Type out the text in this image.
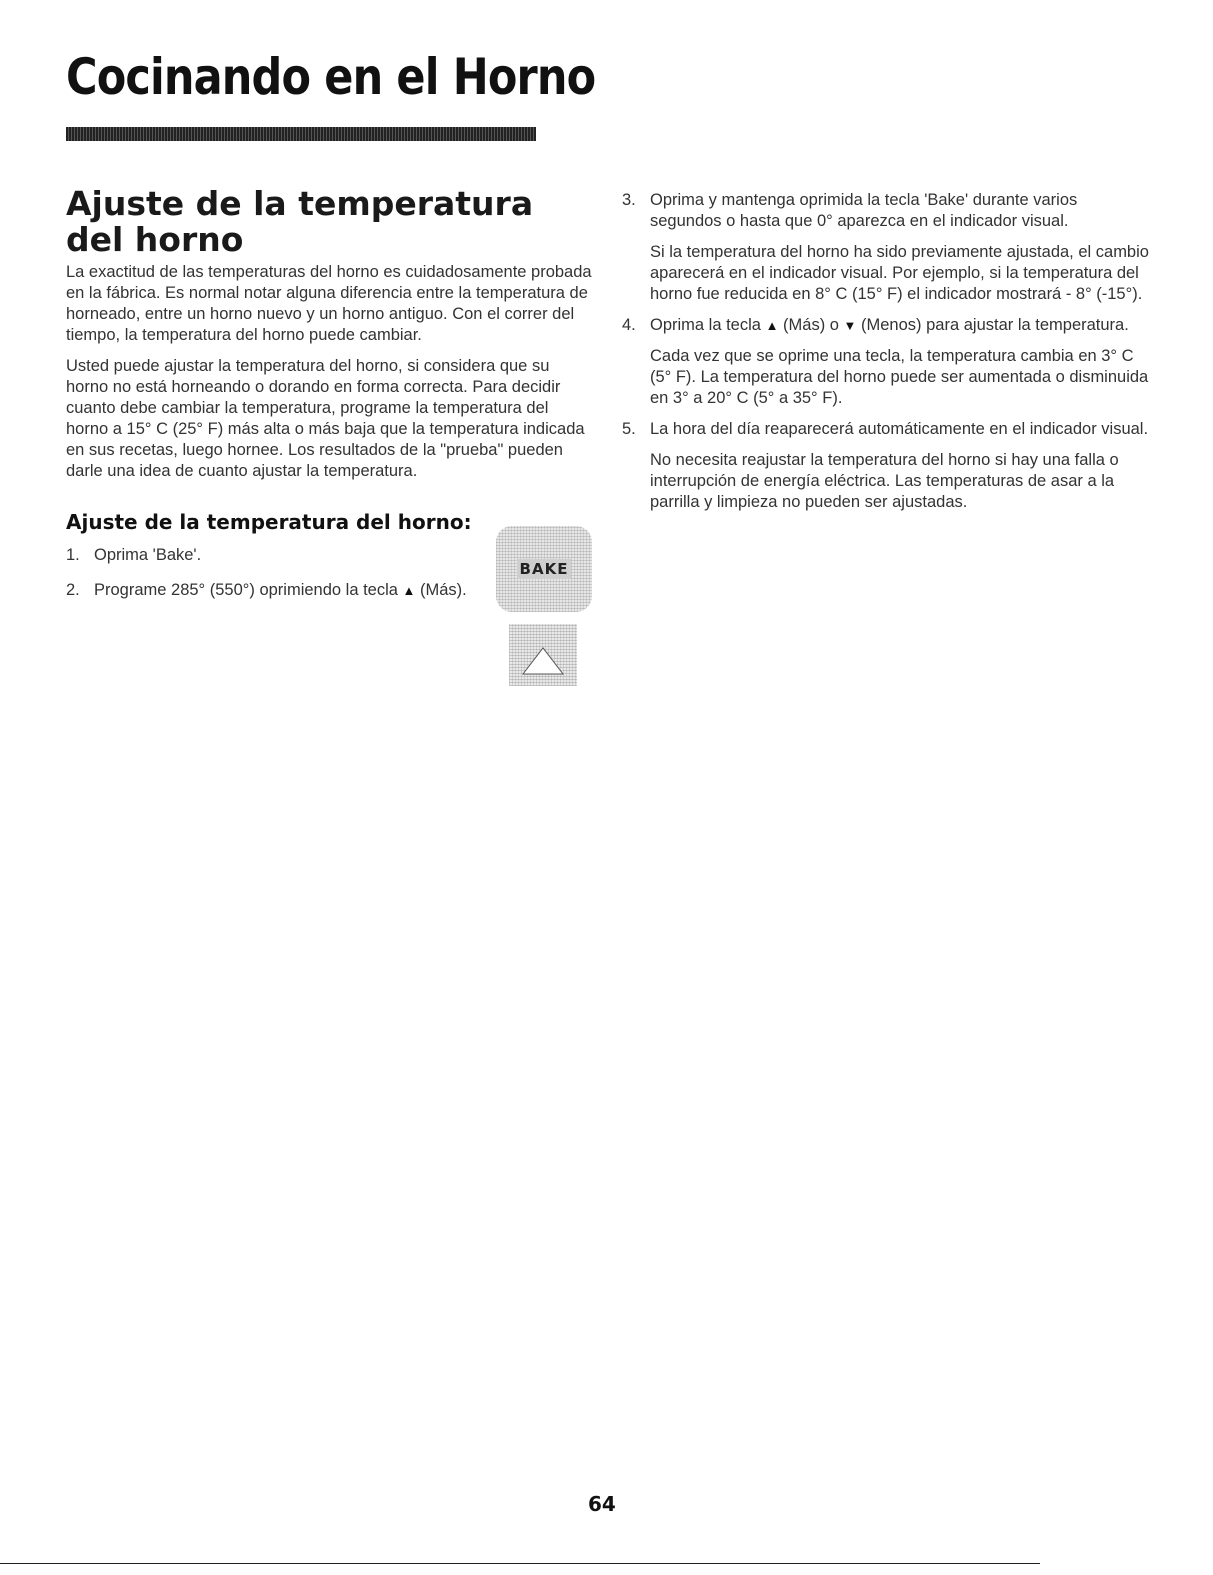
Cocinando en el Horno
Ajuste de la temperatura del horno

La exactitud de las temperaturas del horno es cuidadosamente probada en la fábrica. Es normal notar alguna diferencia entre la temperatura de horneado, entre un horno nuevo y un horno antiguo. Con el correr del tiempo, la temperatura del horno puede cambiar.

Usted puede ajustar la temperatura del horno, si considera que su horno no está horneando o dorando en forma correcta. Para decidir cuanto debe cambiar la temperatura, programe la temperatura del horno a 15° C (25° F) más alta o más baja que la temperatura indicada en sus recetas, luego hornee. Los resultados de la "prueba" pueden darle una idea de cuanto ajustar la temperatura.

Ajuste de la temperatura del horno:
1. Oprima 'Bake'.
2. Programe 285° (550°) oprimiendo la tecla ▲ (Más).
BAKE
3. Oprima y mantenga oprimida la tecla 'Bake' durante varios segundos o hasta que 0° aparezca en el indicador visual.

Si la temperatura del horno ha sido previamente ajustada, el cambio aparecerá en el indicador visual. Por ejemplo, si la temperatura del horno fue reducida en 8° C (15° F) el indicador mostrará - 8° (-15°).

4. Oprima la tecla ▲ (Más) o ▼ (Menos) para ajustar la temperatura.

Cada vez que se oprime una tecla, la temperatura cambia en 3° C (5° F). La temperatura del horno puede ser aumentada o disminuida en 3° a 20° C (5° a 35° F).

5. La hora del día reaparecerá automáticamente en el indicador visual.

No necesita reajustar la temperatura del horno si hay una falla o interrupción de energía eléctrica. Las temperaturas de asar a la parrilla y limpieza no pueden ser ajustadas.

64
